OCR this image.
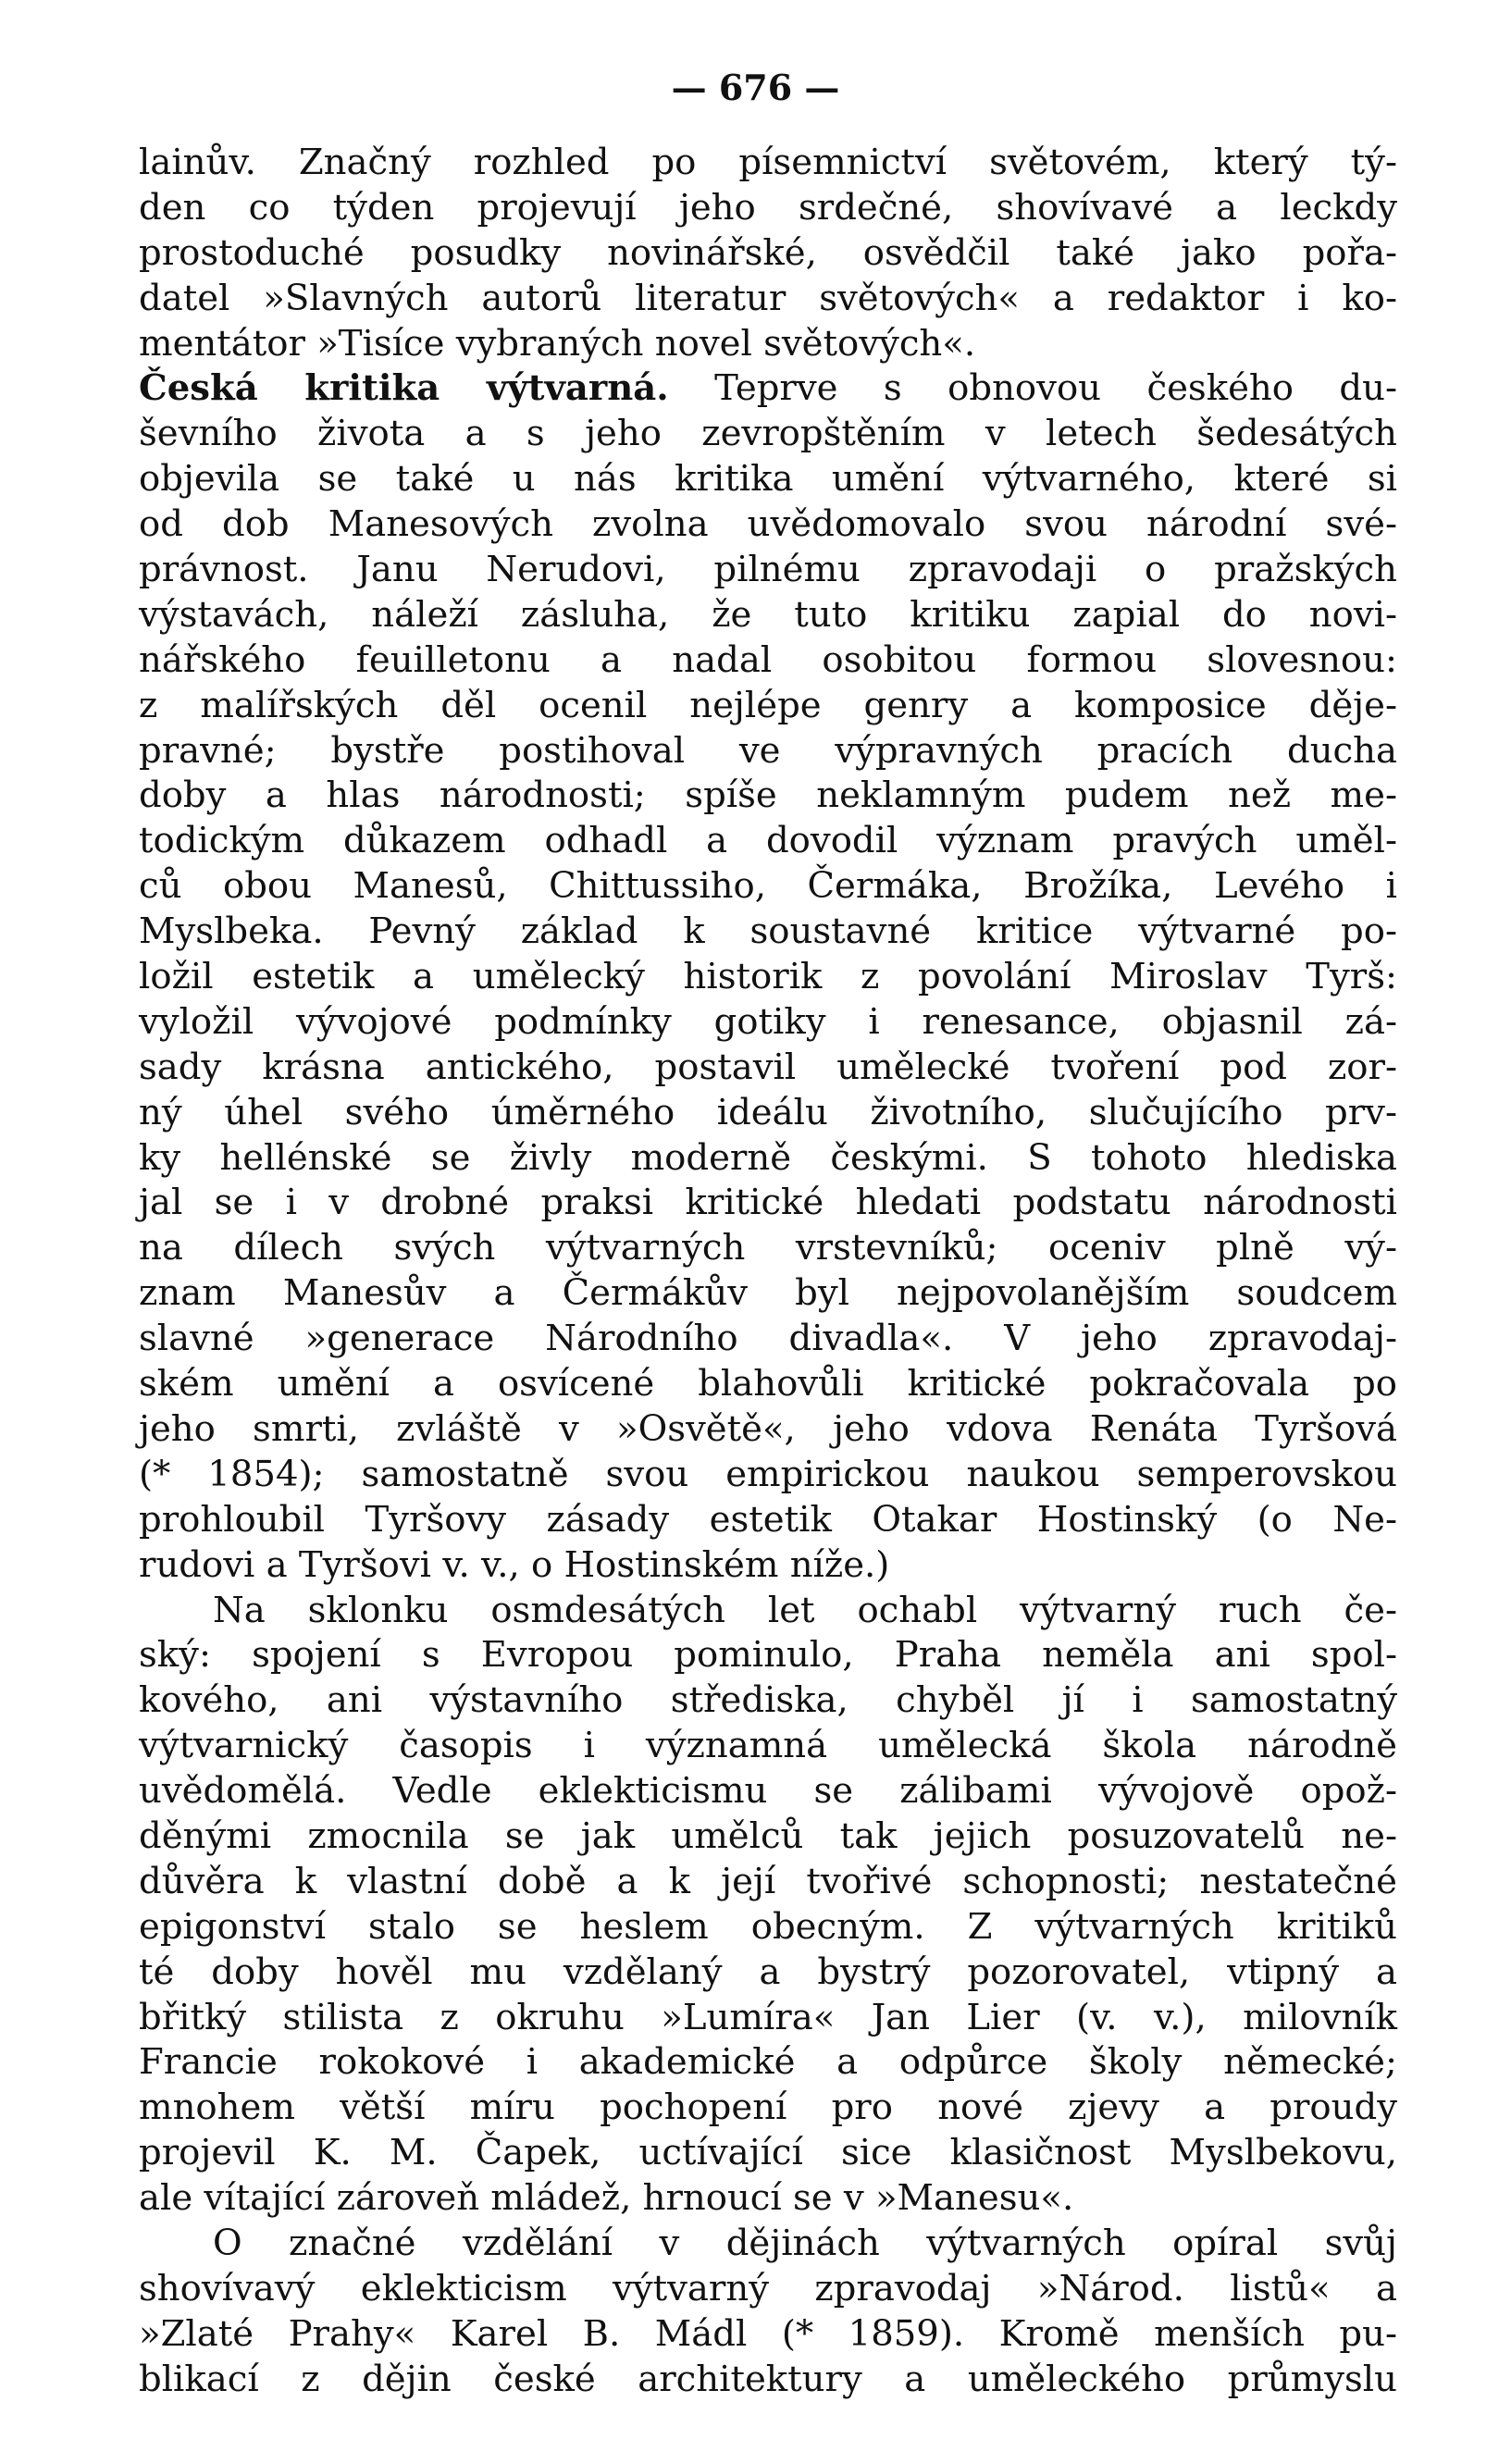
— 676 —
lainův. Značný rozhled po písemnictví světovém, který tý-
den co týden projevují jeho srdečné, shovívavé a leckdy
prostoduché posudky novinářské, osvědčil také jako pořa-
datel »Slavných autorů literatur světových« a redaktor i ko-
mentátor »Tisíce vybraných novel světových«.
Česká kritika výtvarná. Teprve s obnovou českého du-
ševního života a s jeho zevropštěním v letech šedesátých
objevila se také u nás kritika umění výtvarného, které si
od dob Manesových zvolna uvědomovalo svou národní své-
právnost. Janu Nerudovi, pilnému zpravodaji o pražských
výstavách, náleží zásluha, že tuto kritiku zapial do novi-
nářského feuilletonu a nadal osobitou formou slovesnou:
z malířských děl ocenil nejlépe genry a komposice děje-
pravné; bystře postihoval ve výpravných pracích ducha
doby a hlas národnosti; spíše neklamným pudem než me-
todickým důkazem odhadl a dovodil význam pravých uměl-
ců obou Manesů, Chittussiho, Čermáka, Brožíka, Levého i
Myslbeka. Pevný základ k soustavné kritice výtvarné po-
ložil estetik a umělecký historik z povolání Miroslav Tyrš:
vyložil vývojové podmínky gotiky i renesance, objasnil zá-
sady krásna antického, postavil umělecké tvoření pod zor-
ný úhel svého úměrného ideálu životního, slučujícího prv-
ky hellénské se živly moderně českými. S tohoto hlediska
jal se i v drobné praksi kritické hledati podstatu národnosti
na dílech svých výtvarných vrstevníků; oceniv plně vý-
znam Manesův a Čermákův byl nejpovolanějším soudcem
slavné »generace Národního divadla«. V jeho zpravodaj-
ském umění a osvícené blahovůli kritické pokračovala po
jeho smrti, zvláště v »Osvětě«, jeho vdova Renáta Tyršová
(* 1854); samostatně svou empirickou naukou semperovskou
prohloubil Tyršovy zásady estetik Otakar Hostinský (o Ne-
rudovi a Tyršovi v. v., o Hostinském níže.)
Na sklonku osmdesátých let ochabl výtvarný ruch če-
ský: spojení s Evropou pominulo, Praha neměla ani spol-
kového, ani výstavního střediska, chyběl jí i samostatný
výtvarnický časopis i významná umělecká škola národně
uvědomělá. Vedle eklekticismu se zálibami vývojově opož-
děnými zmocnila se jak umělců tak jejich posuzovatelů ne-
důvěra k vlastní době a k její tvořivé schopnosti; nestatečné
epigonství stalo se heslem obecným. Z výtvarných kritiků
té doby hověl mu vzdělaný a bystrý pozorovatel, vtipný a
břitký stilista z okruhu »Lumíra« Jan Lier (v. v.), milovník
Francie rokokové i akademické a odpůrce školy německé;
mnohem větší míru pochopení pro nové zjevy a proudy
projevil K. M. Čapek, uctívající sice klasičnost Myslbekovu,
ale vítající zároveň mládež, hrnoucí se v »Manesu«.
O značné vzdělání v dějinách výtvarných opíral svůj
shovívavý eklekticism výtvarný zpravodaj »Národ. listů« a
»Zlaté Prahy« Karel B. Mádl (* 1859). Kromě menších pu-
blikací z dějin české architektury a uměleckého průmyslu
